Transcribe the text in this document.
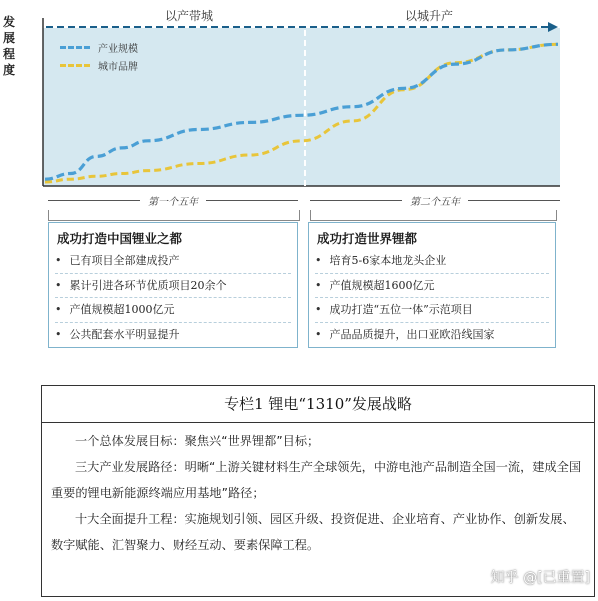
发展程度
以产带城	以城升产
产业规模
城市品牌
第一个五年	第二个五年
成功打造中国锂业之都
• 已有项目全部建成投产
• 累计引进各环节优质项目20余个
• 产值规模超1000亿元
• 公共配套水平明显提升
成功打造世界锂都
• 培育5-6家本地龙头企业
• 产值规模超1600亿元
• 成功打造“五位一体”示范项目
• 产品品质提升，出口亚欧沿线国家
专栏1 锂电“1310”发展战略

一个总体发展目标：聚焦兴“世界锂都”目标；

三大产业发展路径：明晰“上游关键材料生产全球领先，中游电池产品制造全国一流，建成全国重要的锂电新能源终端应用基地”路径；

十大全面提升工程：实施规划引领、园区升级、投资促进、企业培育、产业协作、创新发展、数字赋能、汇智聚力、财经互动、要素保障工程。

知乎 @[已重置]
